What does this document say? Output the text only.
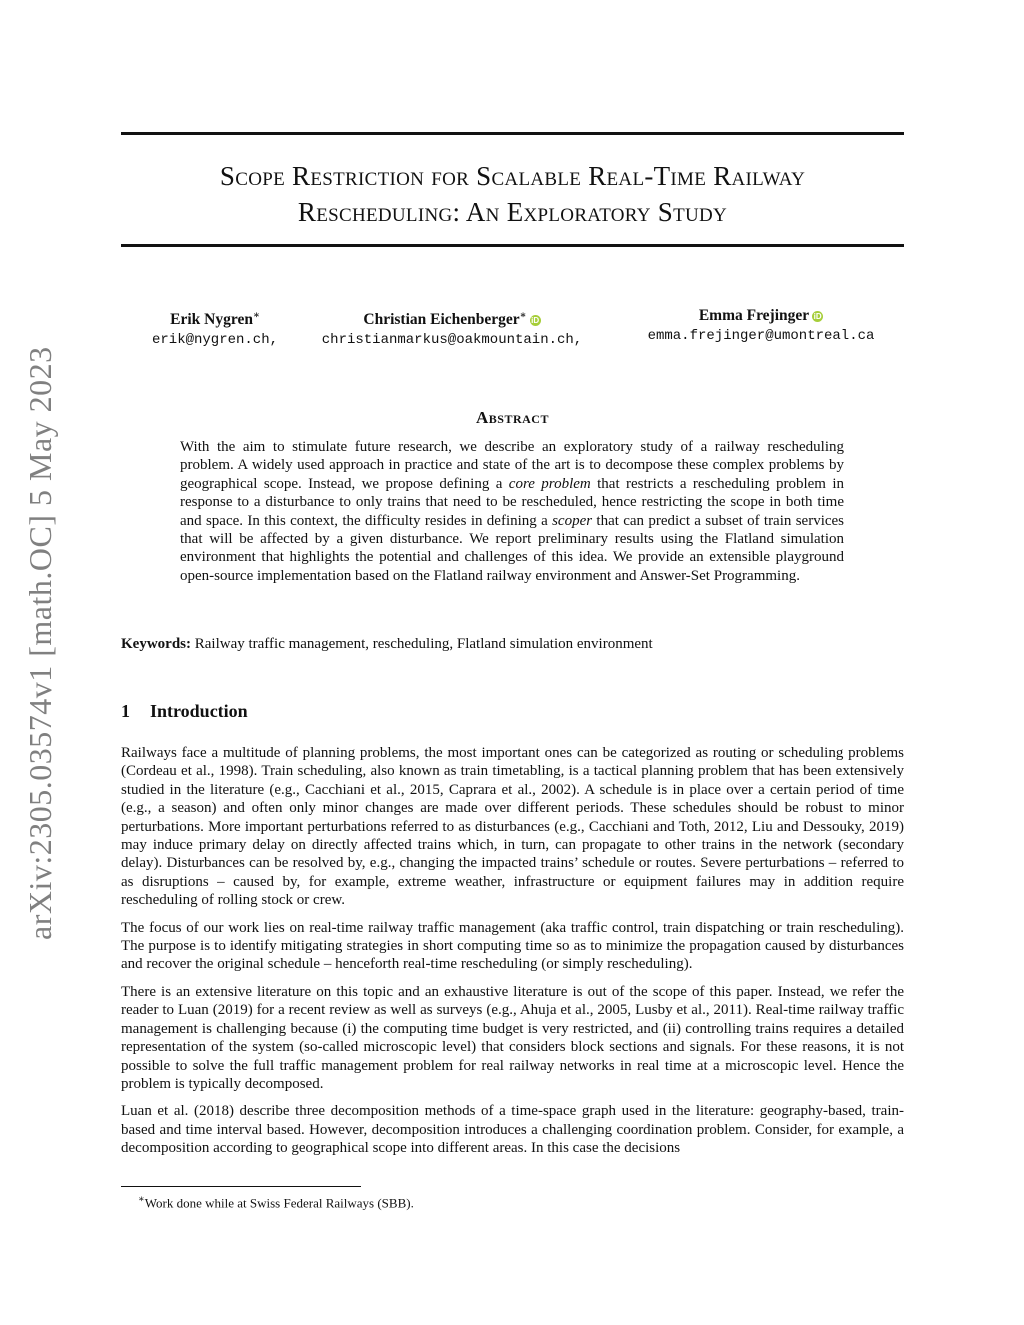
arXiv:2305.03574v1 [math.OC] 5 May 2023
Scope Restriction for Scalable Real-Time Railway
Rescheduling: An Exploratory Study
Erik Nygren∗
erik@nygren.ch,
Christian Eichenberger∗ iD
christianmarkus@oakmountain.ch,
Emma Frejinger iD
emma.frejinger@umontreal.ca
Abstract
With the aim to stimulate future research, we describe an exploratory study of a railway rescheduling problem. A widely used approach in practice and state of the art is to decompose these complex problems by geographical scope. Instead, we propose defining a core problem that restricts a rescheduling problem in response to a disturbance to only trains that need to be rescheduled, hence restricting the scope in both time and space. In this context, the difficulty resides in defining a scoper that can predict a subset of train services that will be affected by a given disturbance. We report preliminary results using the Flatland simulation environment that highlights the potential and challenges of this idea. We provide an extensible playground open-source implementation based on the Flatland railway environment and Answer-Set Programming.
Keywords: Railway traffic management, rescheduling, Flatland simulation environment
1 Introduction

Railways face a multitude of planning problems, the most important ones can be categorized as routing or scheduling problems (Cordeau et al., 1998). Train scheduling, also known as train timetabling, is a tactical planning problem that has been extensively studied in the literature (e.g., Cacchiani et al., 2015, Caprara et al., 2002). A schedule is in place over a certain period of time (e.g., a season) and often only minor changes are made over different periods. These schedules should be robust to minor perturbations. More important perturbations referred to as disturbances (e.g., Cacchiani and Toth, 2012, Liu and Dessouky, 2019) may induce primary delay on directly affected trains which, in turn, can propagate to other trains in the network (secondary delay). Disturbances can be resolved by, e.g., changing the impacted trains’ schedule or routes. Severe perturbations – referred to as disruptions – caused by, for example, extreme weather, infrastructure or equipment failures may in addition require rescheduling of rolling stock or crew.

The focus of our work lies on real-time railway traffic management (aka traffic control, train dispatching or train rescheduling). The purpose is to identify mitigating strategies in short computing time so as to minimize the propagation caused by disturbances and recover the original schedule – henceforth real-time rescheduling (or simply rescheduling).

There is an extensive literature on this topic and an exhaustive literature is out of the scope of this paper. Instead, we refer the reader to Luan (2019) for a recent review as well as surveys (e.g., Ahuja et al., 2005, Lusby et al., 2011). Real-time railway traffic management is challenging because (i) the computing time budget is very restricted, and (ii) controlling trains requires a detailed representation of the system (so-called microscopic level) that considers block sections and signals. For these reasons, it is not possible to solve the full traffic management problem for real railway networks in real time at a microscopic level. Hence the problem is typically decomposed.

Luan et al. (2018) describe three decomposition methods of a time-space graph used in the literature: geography-based, train-based and time interval based. However, decomposition introduces a challenging coordination problem. Consider, for example, a decomposition according to geographical scope into different areas. In this case the decisions

∗Work done while at Swiss Federal Railways (SBB).
